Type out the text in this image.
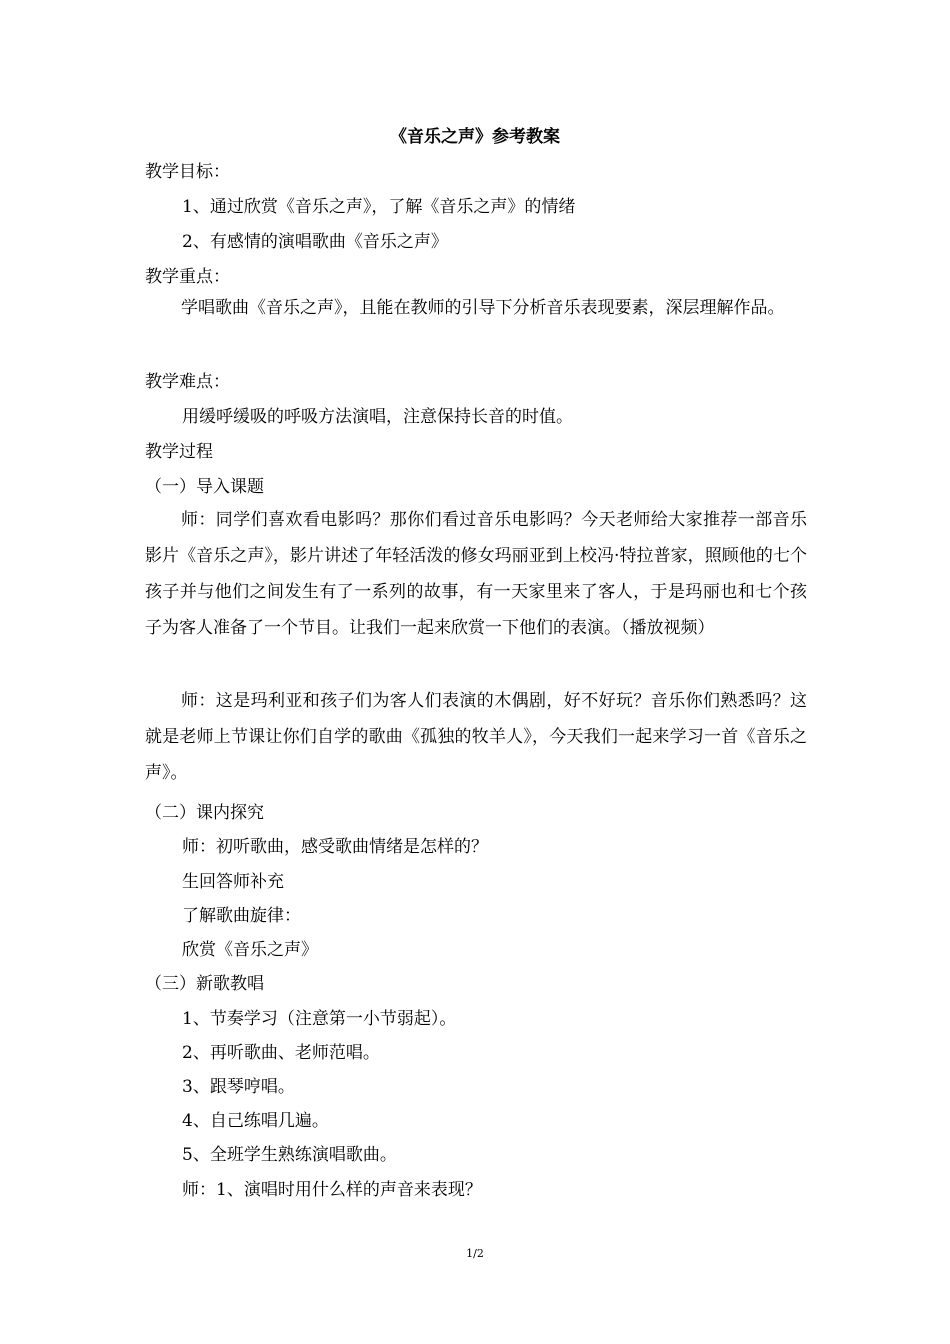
《音乐之声》参考教案
教学目标：
1、通过欣赏《音乐之声》，了解《音乐之声》的情绪
2、有感情的演唱歌曲《音乐之声》
教学重点：
学唱歌曲《音乐之声》，且能在教师的引导下分析音乐表现要素，深层理解作品。
教学难点：
用缓呼缓吸的呼吸方法演唱，注意保持长音的时值。
教学过程
（一）导入课题
师：同学们喜欢看电影吗？那你们看过音乐电影吗？今天老师给大家推荐一部音乐影片《音乐之声》，影片讲述了年轻活泼的修女玛丽亚到上校冯·特拉普家，照顾他的七个孩子并与他们之间发生有了一系列的故事，有一天家里来了客人，于是玛丽也和七个孩子为客人准备了一个节目。让我们一起来欣赏一下他们的表演。（播放视频）
师：这是玛利亚和孩子们为客人们表演的木偶剧，好不好玩？音乐你们熟悉吗？这就是老师上节课让你们自学的歌曲《孤独的牧羊人》，今天我们一起来学习一首《音乐之声》。
（二）课内探究
师：初听歌曲，感受歌曲情绪是怎样的？
生回答师补充
了解歌曲旋律：
欣赏《音乐之声》
（三）新歌教唱
1、节奏学习（注意第一小节弱起）。
2、再听歌曲、老师范唱。
3、跟琴哼唱。
4、自己练唱几遍。
5、全班学生熟练演唱歌曲。
师：1、演唱时用什么样的声音来表现？
1/2
